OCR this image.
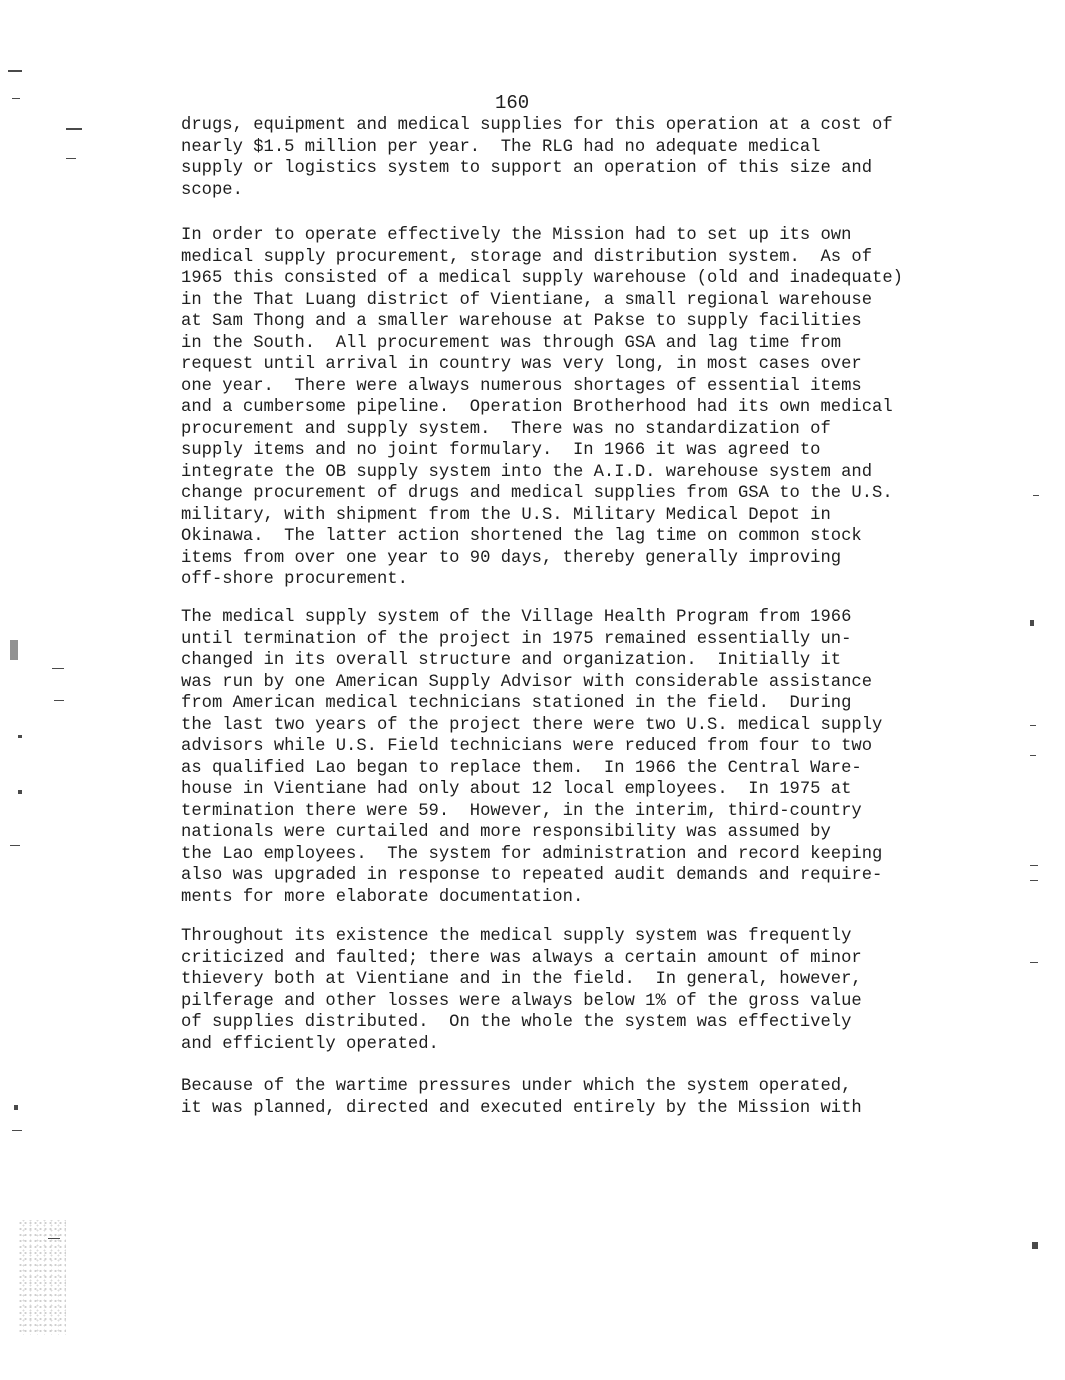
160
drugs, equipment and medical supplies for this operation at a cost of
nearly $1.5 million per year.  The RLG had no adequate medical
supply or logistics system to support an operation of this size and
scope.
In order to operate effectively the Mission had to set up its own
medical supply procurement, storage and distribution system.  As of
1965 this consisted of a medical supply warehouse (old and inadequate)
in the That Luang district of Vientiane, a small regional warehouse
at Sam Thong and a smaller warehouse at Pakse to supply facilities
in the South.  All procurement was through GSA and lag time from
request until arrival in country was very long, in most cases over
one year.  There were always numerous shortages of essential items
and a cumbersome pipeline.  Operation Brotherhood had its own medical
procurement and supply system.  There was no standardization of
supply items and no joint formulary.  In 1966 it was agreed to
integrate the OB supply system into the A.I.D. warehouse system and
change procurement of drugs and medical supplies from GSA to the U.S.
military, with shipment from the U.S. Military Medical Depot in
Okinawa.  The latter action shortened the lag time on common stock
items from over one year to 90 days, thereby generally improving
off-shore procurement.
The medical supply system of the Village Health Program from 1966
until termination of the project in 1975 remained essentially un-
changed in its overall structure and organization.  Initially it
was run by one American Supply Advisor with considerable assistance
from American medical technicians stationed in the field.  During
the last two years of the project there were two U.S. medical supply
advisors while U.S. Field technicians were reduced from four to two
as qualified Lao began to replace them.  In 1966 the Central Ware-
house in Vientiane had only about 12 local employees.  In 1975 at
termination there were 59.  However, in the interim, third-country
nationals were curtailed and more responsibility was assumed by
the Lao employees.  The system for administration and record keeping
also was upgraded in response to repeated audit demands and require-
ments for more elaborate documentation.
Throughout its existence the medical supply system was frequently
criticized and faulted; there was always a certain amount of minor
thievery both at Vientiane and in the field.  In general, however,
pilferage and other losses were always below 1% of the gross value
of supplies distributed.  On the whole the system was effectively
and efficiently operated.
Because of the wartime pressures under which the system operated,
it was planned, directed and executed entirely by the Mission with
